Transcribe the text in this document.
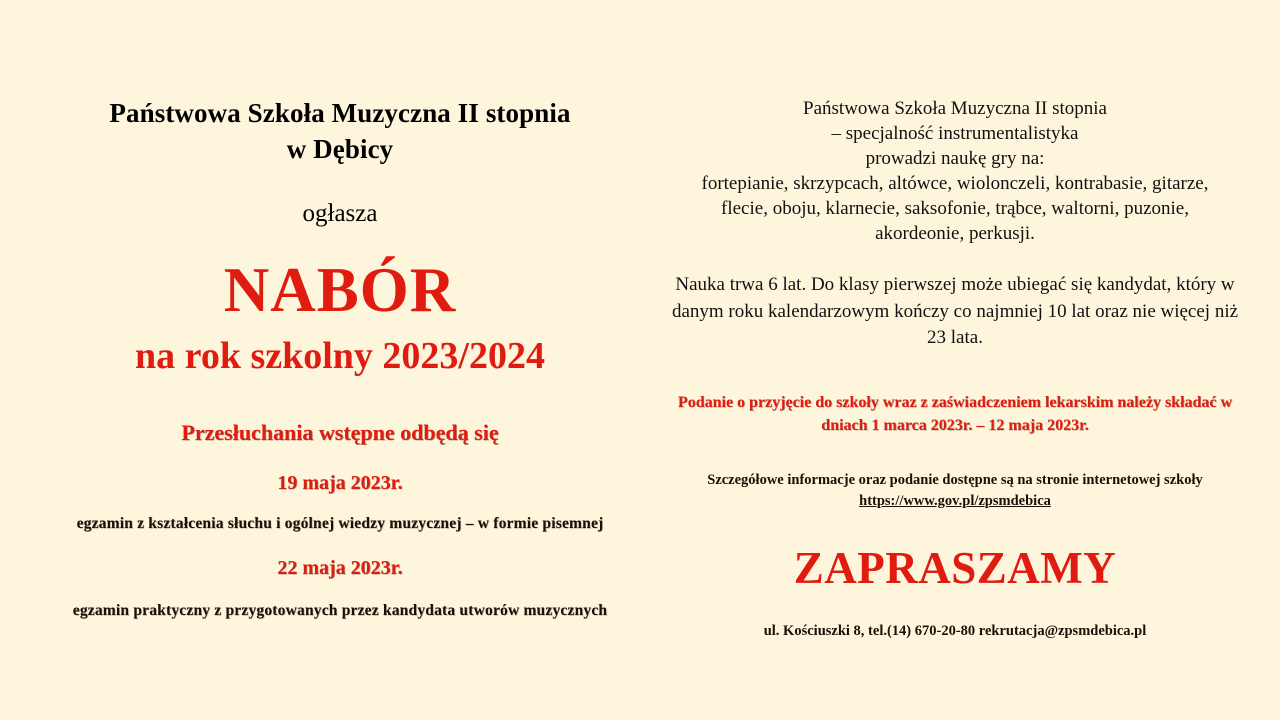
Państwowa Szkoła Muzyczna II stopnia
w Dębicy
ogłasza
NABÓR
na rok szkolny 2023/2024
Przesłuchania wstępne odbędą się
19 maja 2023r.
egzamin z kształcenia słuchu i ogólnej wiedzy muzycznej – w formie pisemnej
22 maja 2023r.
egzamin praktyczny z przygotowanych przez kandydata utworów muzycznych
Państwowa Szkoła Muzyczna II stopnia
– specjalność instrumentalistyka
prowadzi naukę gry na:
fortepianie, skrzypcach, altówce, wiolonczeli, kontrabasie, gitarze,
flecie, oboju, klarnecie, saksofonie, trąbce, waltorni, puzonie,
akordeonie, perkusji.
Nauka trwa 6 lat. Do klasy pierwszej może ubiegać się kandydat, który w danym roku kalendarzowym kończy co najmniej 10 lat oraz nie więcej niż 23 lata.
Podanie o przyjęcie do szkoły wraz z zaświadczeniem lekarskim należy składać w dniach 1 marca 2023r. – 12 maja 2023r.
Szczegółowe informacje oraz podanie dostępne są na stronie internetowej szkoły https://www.gov.pl/zpsmdebica
ZAPRASZAMY
ul. Kościuszki 8, tel.(14) 670-20-80 rekrutacja@zpsmdebica.pl
